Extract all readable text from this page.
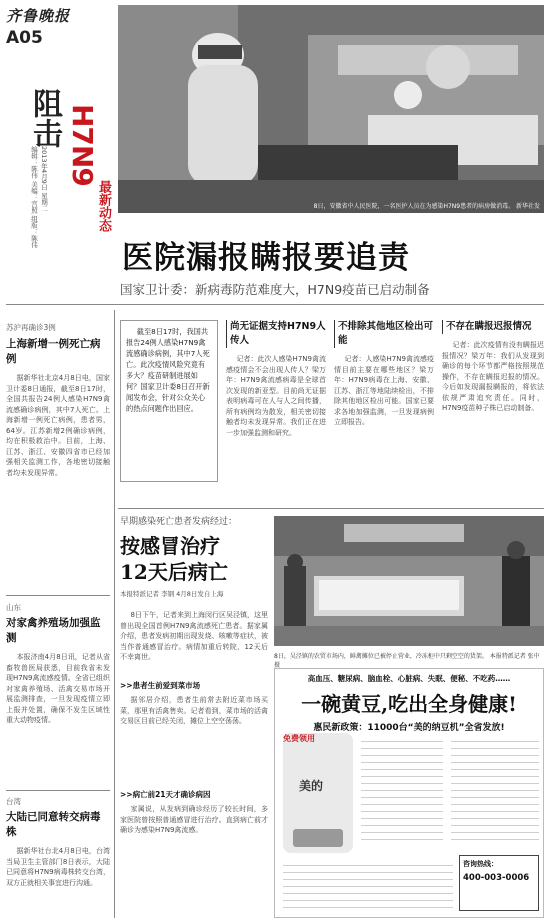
齐鲁晚报
A05
阻击
编辑：陈伟 美编：宫照 组版：陈伟 2013年4月9日 星期二 H7N9
最新动态	8日，安徽省中人民医院，一名医护人员在为感染H7N9患者的病房做消毒。 新华社发
医院漏报瞒报要追责
国家卫计委：新病毒防范难度大，H7N9疫苗已启动制备
苏沪再确诊3例
上海新增一例死亡病例
据新华社北京4月8日电，国家卫计委8日通报，截至8日17时，全国共报告24例人感染H7N9禽流感确诊病例，其中7人死亡。上海新增一例死亡病例，患者男，64岁。江苏新增2例确诊病例，均在积极救治中。目前，上海、江苏、浙江、安徽四省市已经加强相关监测工作，各地密切接触者均未发现异常。
山东
对家禽养殖场加强监测
本报济南4月8日讯，记者从省畜牧兽医局获悉，目前我省未发现H7N9禽流感疫情。全省已组织对家禽养殖场、活禽交易市场开展监测排查，一旦发现疫情立即上报并处置，确保不发生区域性重大动物疫情。
台湾
大陆已同意转交病毒株
据新华社台北4月8日电，台湾当局卫生主管部门8日表示，大陆已同意将H7N9病毒株转交台湾，双方正就相关事宜进行沟通。
截至8日17时，我国共报告24例人感染H7N9禽流感确诊病例，其中7人死亡。此次疫情风险究竟有多大？疫苗研制进展如何？国家卫计委8日召开新闻发布会，针对公众关心的热点问题作出回应。
尚无证据支持H7N9人传人
记者：此次人感染H7N9禽流感疫情会不会出现人传人？梁万年：H7N9禽流感病毒是全球首次发现的新亚型。目前尚无证据表明病毒可在人与人之间传播，所有病例均为散发，相关密切接触者均未发现异常。我们正在进一步加强监测和研究。
不排除其他地区检出可能
记者：人感染H7N9禽流感疫情目前主要在哪些地区？梁万年：H7N9病毒在上海、安徽、江苏、浙江等地陆续检出，不排除其他地区检出可能。国家已要求各地加强监测，一旦发现病例立即报告。
不存在瞒报迟报情况
记者：此次疫情有没有瞒报迟报情况？梁万年：我们从发现到确诊的每个环节都严格按照规范操作，不存在瞒报迟报的情况。今后如发现漏报瞒报的，将依法依规严肃追究责任。同时，H7N9疫苗种子株已启动制备。
早期感染死亡患者发病经过：
按感冒治疗
12天后病亡
本报特派记者 李钢 4月8日发自上海
8日下午，记者来到上海闵行区吴泾镇，这里曾出现全国首例H7N9禽流感死亡患者。据家属介绍，患者发病初期出现发烧、咳嗽等症状，被当作普通感冒治疗。病情加重后转院，12天后不幸离世。
>>患者生前爱到菜市场
据邻居介绍，患者生前常去附近菜市场买菜，那里有活禽售卖。记者看到，菜市场的活禽交易区目前已经关闭，摊位上空空荡荡。
>>病亡前21天才确诊病因
家属说，从发病到确诊经历了较长时间，多家医院曾按照普通感冒进行治疗。直到病亡前才确诊为感染H7N9禽流感。
8日，吴泾镇的农贸市场内，鲜禽摊位已被停止营业，冷冻柜中只剩空空的货架。 本报特派记者 张中 摄
高血压、糖尿病、脑血栓、心脏病、失眠、便秘、不吃药……
一碗黄豆,吃出全身健康!
惠民新政策：11000台“美的纳豆机”全省发放!
免费领用
美的
咨询热线：
400-003-0006
